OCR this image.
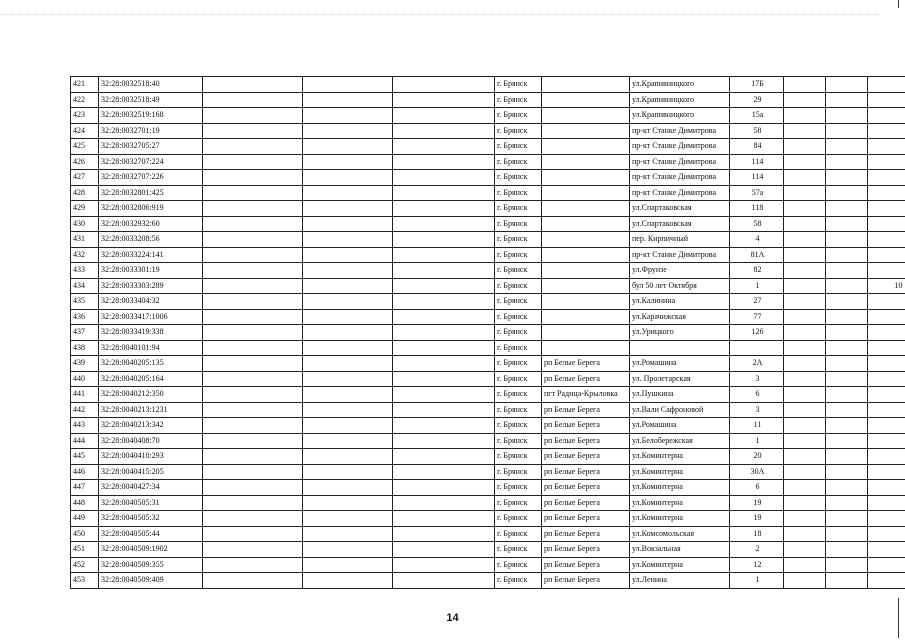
421	32:28:0032518:40				г. Брянск		ул.Крапивницкого	17Б			
422	32:28:0032518:49				г. Брянск		ул.Крапивницкого	29			
423	32:28:0032519:168				г. Брянск		ул.Крапивницкого	15а			
424	32:28:0032701:19				г. Брянск		пр-кт Станке Димитрова	58			
425	32:28:0032705:27				г. Брянск		пр-кт Станке Димитрова	84			
426	32:28:0032707:224				г. Брянск		пр-кт Станке Димитрова	114			
427	32:28:0032707:226				г. Брянск		пр-кт Станке Димитрова	114			
428	32:28:0032801:425				г. Брянск		пр-кт Станке Димитрова	57а			
429	32:28:0032806:919				г. Брянск		ул.Спартаковская	118			
430	32:28:0032932:60				г. Брянск		ул.Спартаковская	58			
431	32:28:0033208:56				г. Брянск		пер. Кирпичный	4			
432	32:28:0033224:141				г. Брянск		пр-кт Станке Димитрова	81А			
433	32:28:0033301:19				г. Брянск		ул.Фрунзе	82			
434	32:28:0033303:289				г. Брянск		бул 50 лет Октября	1			10
435	32:28:0033404:32				г. Брянск		ул.Калинина	27			
436	32:28:0033417:1006				г. Брянск		ул.Карачижская	77			
437	32:28:0033419:338				г. Брянск		ул.Урицкого	126			
438	32:28:0040101:94				г. Брянск						
439	32:28:0040205:135				г. Брянск	рп Белые Берега	ул.Ромашина	2А			
440	32:28:0040205:164				г. Брянск	рп Белые Берега	ул. Пролетарская	3			
441	32:28:0040212:350				г. Брянск	пгт Радица-Крыловка	ул.Пушкина	6			
442	32:28:0040213:1231				г. Брянск	рп Белые Берега	ул.Вали Сафроновой	3			
443	32:28:0040213:342				г. Брянск	рп Белые Берега	ул.Ромашина	11			
444	32:28:0040408:70				г. Брянск	рп Белые Берега	ул.Белобережская	1			
445	32:28:0040410:293				г. Брянск	рп Белые Берега	ул.Коминтерна	20			
446	32:28:0040415:205				г. Брянск	рп Белые Берега	ул.Коминтерна	30А			
447	32:28:0040427:34				г. Брянск	рп Белые Берега	ул.Коминтерна	6			
448	32:28:0040505:31				г. Брянск	рп Белые Берега	ул.Коминтерна	19			
449	32:28:0040505:32				г. Брянск	рп Белые Берега	ул.Коминтерна	19			
450	32:28:0040505:44				г. Брянск	рп Белые Берега	ул.Комсомольская	18			
451	32:28:0040509:1902				г. Брянск	рп Белые Берега	ул.Вокзальная	2			
452	32:28:0040509:355				г. Брянск	рп Белые Берега	ул.Коминтерна	12			
453	32:28:0040509:409				г. Брянск	рп Белые Берега	ул.Ленина	1			
14
